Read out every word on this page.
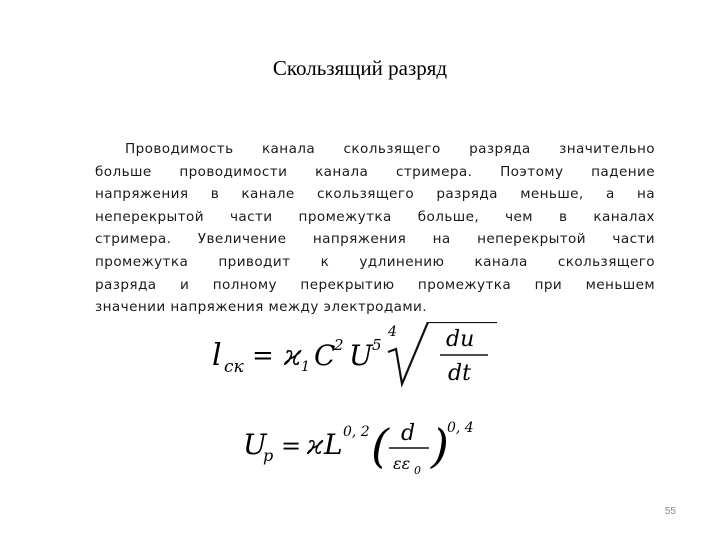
Скользящий разряд
Проводимость канала скользящего разряда значительно
больше проводимости канала стримера. Поэтому падение
напряжения в канале скользящего разряда меньше, а на
неперекрытой части промежутка больше, чем в каналах
стримера. Увеличение напряжения на неперекрытой части
промежутка приводит к удлинению канала скользящего
разряда и полному перекрытию промежутка при меньшем
значении напряжения между электродами.
l ск = ϰ 1 C
2 U 5
4 du
dt
U
р = ϰ L 0, 2 ( d
εε 0 )
0, 4
55
